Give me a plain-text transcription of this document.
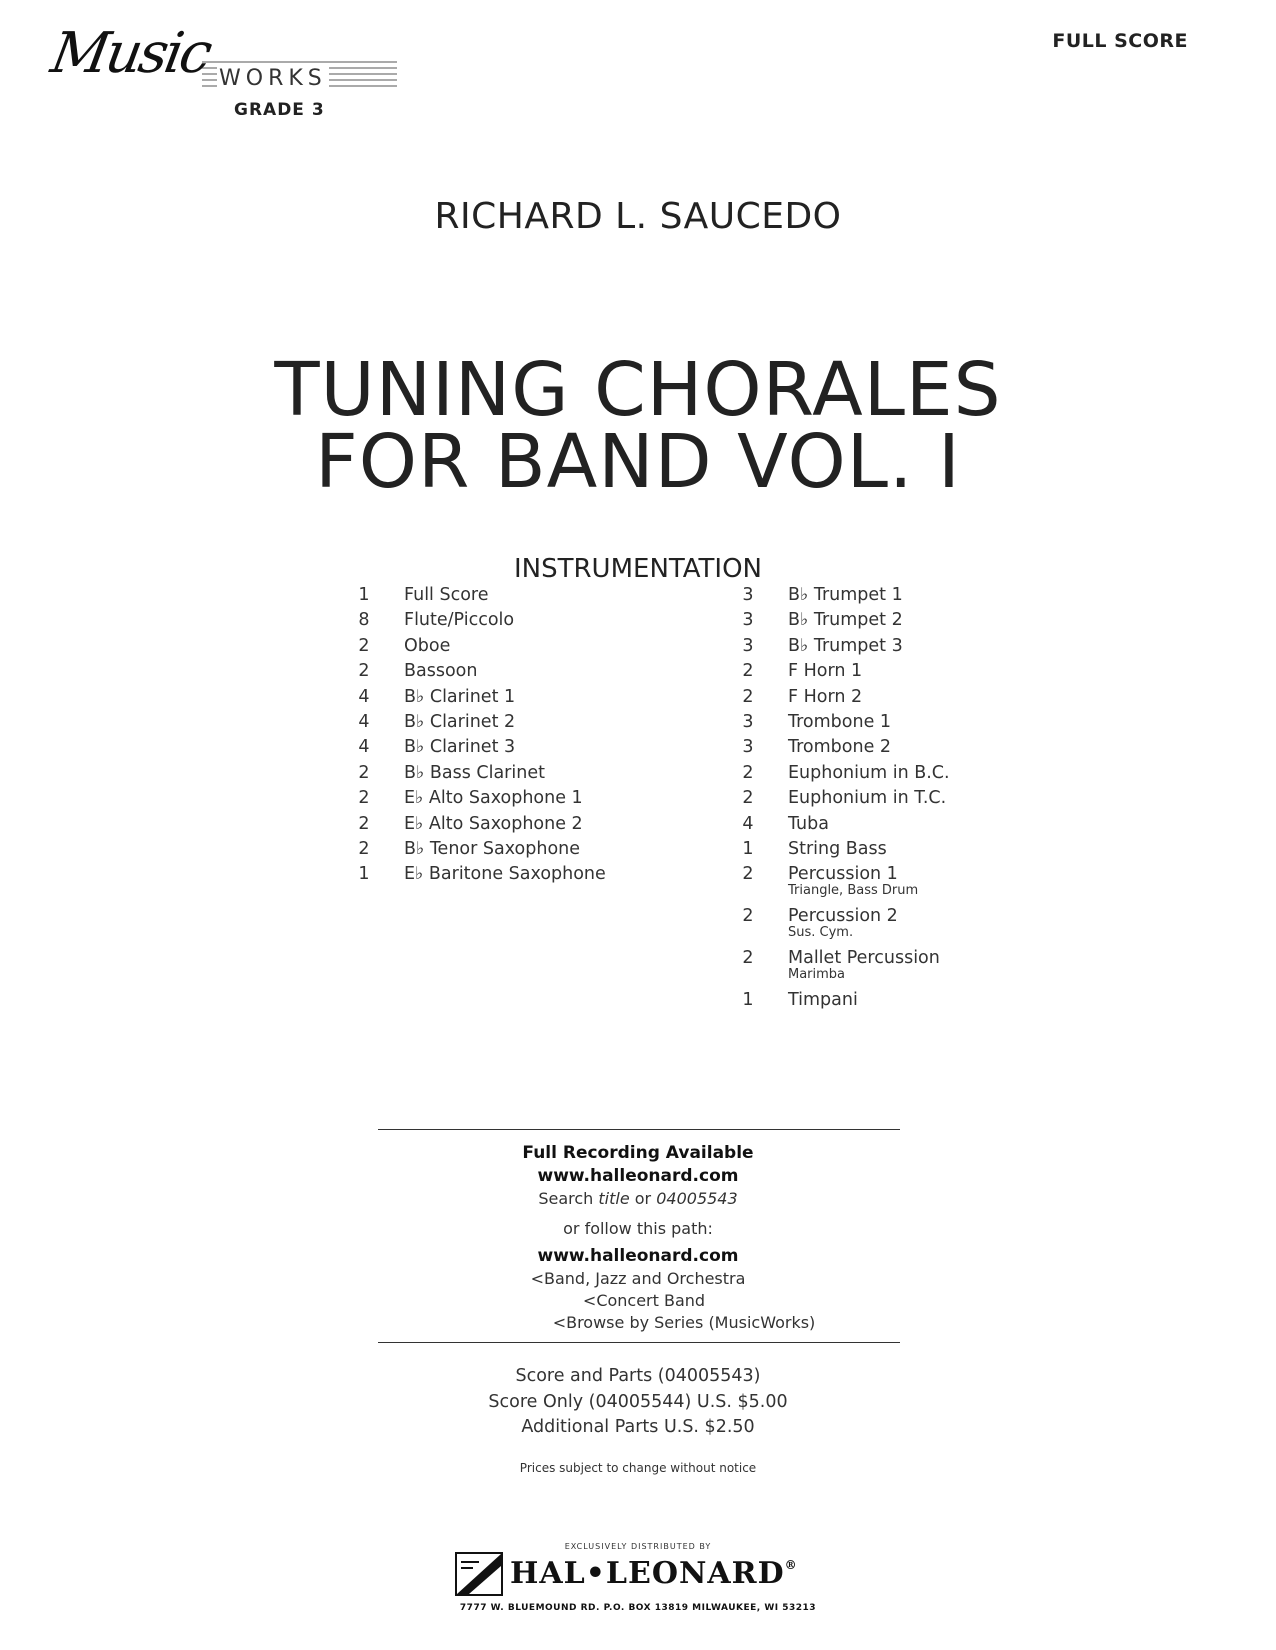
Music WORKS
GRADE 3
FULL SCORE
RICHARD L. SAUCEDO
TUNING CHORALES
FOR BAND VOL. I
INSTRUMENTATION
1 Full Score
8 Flute/Piccolo
2 Oboe
2 Bassoon
4 B♭ Clarinet 1
4 B♭ Clarinet 2
4 B♭ Clarinet 3
2 B♭ Bass Clarinet
2 E♭ Alto Saxophone 1
2 E♭ Alto Saxophone 2
2 B♭ Tenor Saxophone
1 E♭ Baritone Saxophone
3 B♭ Trumpet 1
3 B♭ Trumpet 2
3 B♭ Trumpet 3
2 F Horn 1
2 F Horn 2
3 Trombone 1
3 Trombone 2
2 Euphonium in B.C.
2 Euphonium in T.C.
4 Tuba
1 String Bass
2 Percussion 1
Triangle, Bass Drum
2 Percussion 2
Sus. Cym.
2 Mallet Percussion
Marimba
1 Timpani
Full Recording Available
www.halleonard.com
Search title or 04005543
or follow this path:
www.halleonard.com
<Band, Jazz and Orchestra
<Concert Band
<Browse by Series (MusicWorks)
Score and Parts (04005543)
Score Only (04005544) U.S. $5.00
Additional Parts U.S. $2.50
Prices subject to change without notice
EXCLUSIVELY DISTRIBUTED BY
HAL•LEONARD®
7777 W. BLUEMOUND RD. P.O. BOX 13819 MILWAUKEE, WI 53213
